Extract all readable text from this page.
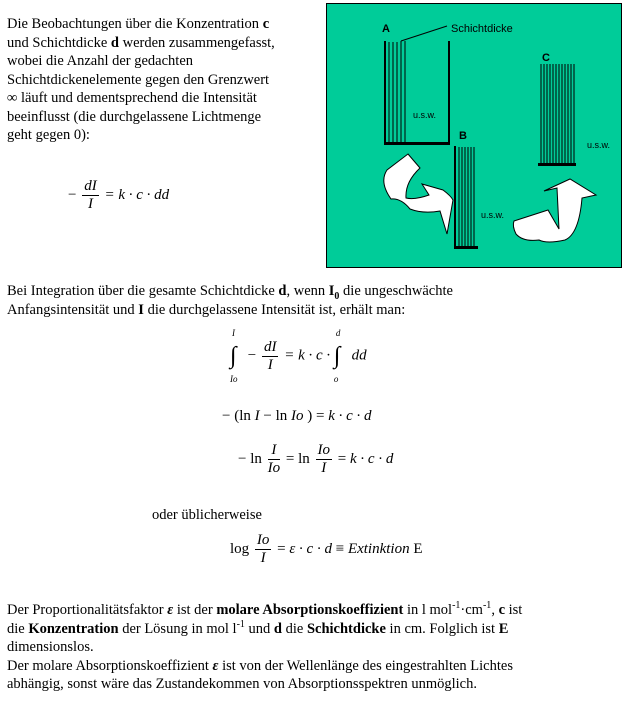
Die Beobachtungen über die Konzentration c
und Schichtdicke d werden zusammengefasst,
wobei die Anzahl der gedachten
Schichtdickenelemente gegen den Grenzwert
∞ läuft und dementsprechend die Intensität
beeinflusst (die durchgelassene Lichtmenge
geht gegen 0):
− $\frac{dI}{I} = k \cdot c$ · dd
A	Schichtdicke
u.s.w.
B
u.s.w.
C
u.s.w.
Bei Integration über die gesamte Schichtdicke d, wenn $I_0$ die ungeschwächte
Anfangsintensität und I die durchgelassene Intensität ist, erhält man:
∫
I
Io
− $\frac{dI}{I} = k \cdot c$ · ∫
d
o
dd
− (ln I − ln Io ) = k · c · d
− $\ln \frac{I}{Io} = \ln \frac{Io}{I} = k \cdot c \cdot d$
oder üblicherweise
$\log \frac{Io}{I} = \varepsilon \cdot c \cdot d$ ≡ Extinktion E
Der Proportionalitätsfaktor ε ist der molare Absorptionskoeffizient in l $mol^{-1}\cdot cm^{-1}$, c ist
die Konzentration der Lösung in mol $l^{-1}$ und d die Schichtdicke in cm. Folglich ist E
dimensionslos.
Der molare Absorptionskoeffizient ε ist von der Wellenlänge des eingestrahlten Lichtes
abhängig, sonst wäre das Zustandekommen von Absorptionsspektren unmöglich.
